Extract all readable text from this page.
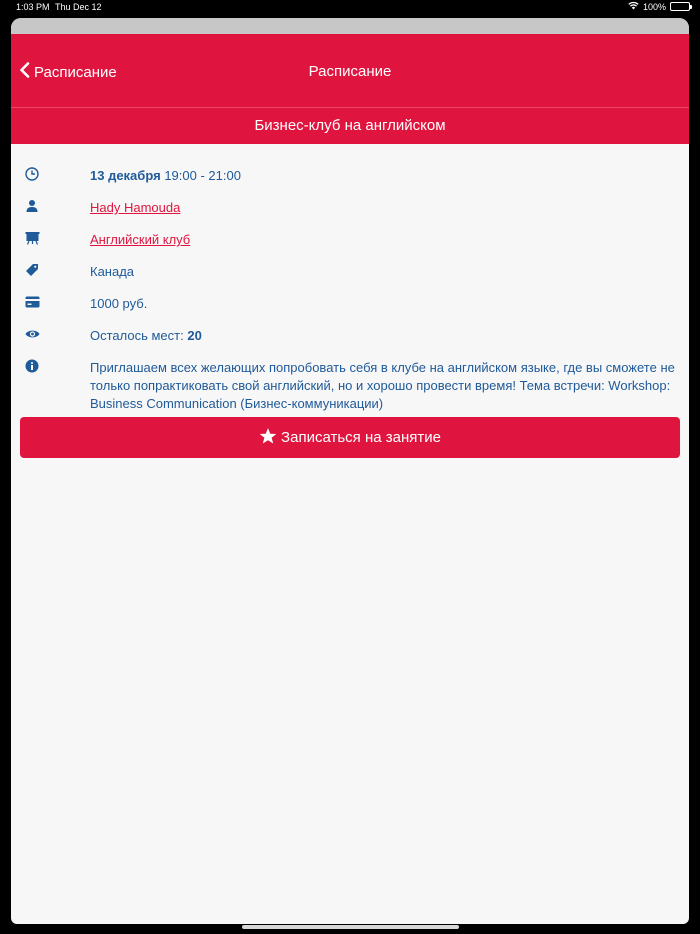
1:03 PM Thu Dec 12	100%
Расписание	Расписание
Бизнес-клуб на английском
13 декабря 19:00 - 21:00
Hady Hamouda
Английский клуб
Канада
1000 руб.
Осталось мест: 20
Приглашаем всех желающих попробовать себя в клубе на английском языке, где вы сможете не только попрактиковать свой английский, но и хорошо провести время! Тема встречи: Workshop: Business Communication (Бизнес-коммуникации)
Записаться на занятие
